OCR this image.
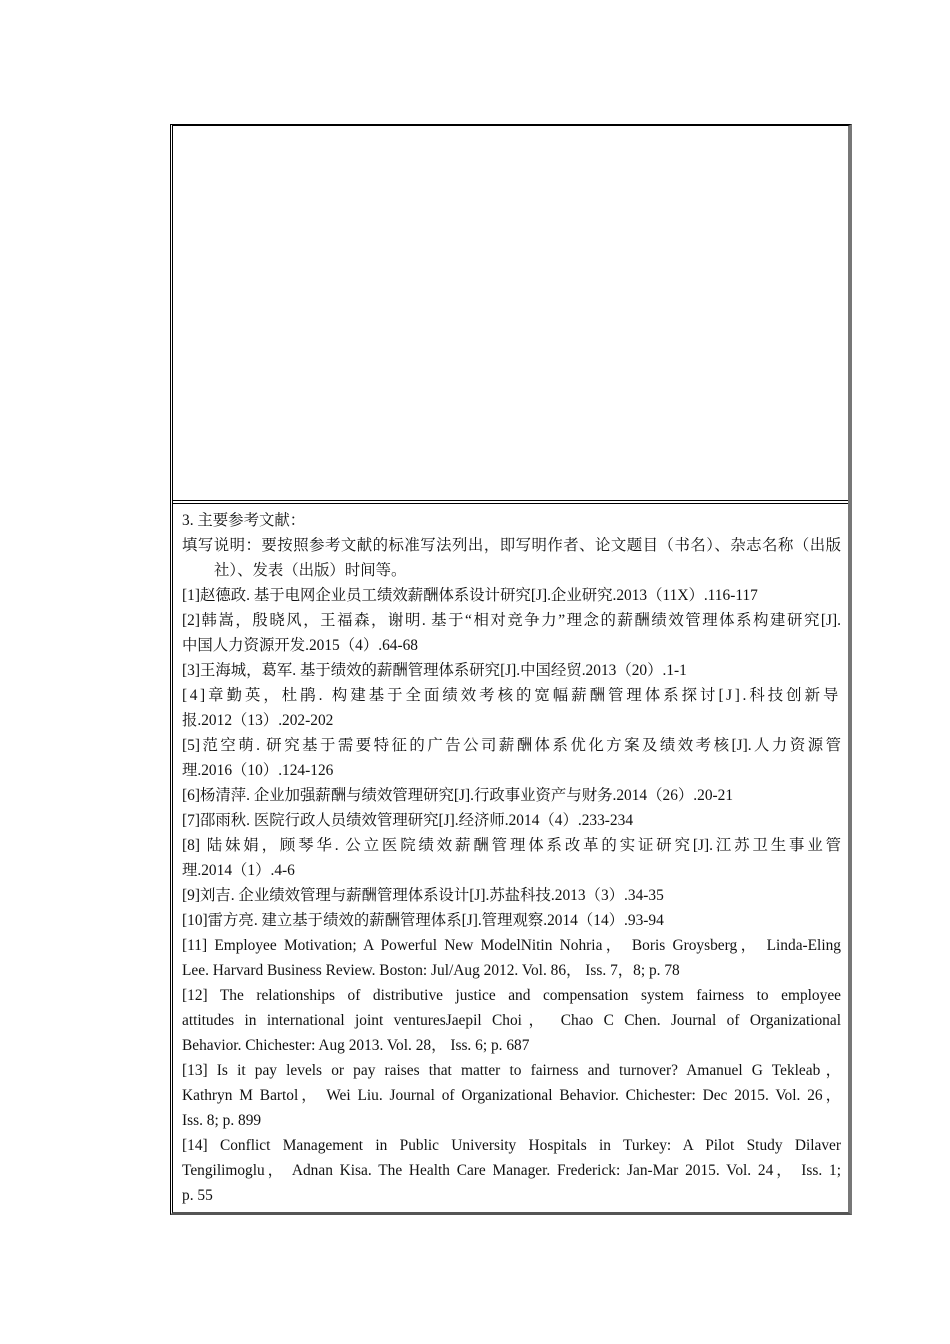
3. 主要参考文献：
填写说明：要按照参考文献的标准写法列出，即写明作者、论文题目（书名）、杂志名称（出版
社）、发表（出版）时间等。
[1]赵德政. 基于电网企业员工绩效薪酬体系设计研究[J].企业研究.2013（11X）.116-117
[2]韩嵩，殷晓风，王福森，谢明. 基于“相对竞争力”理念的薪酬绩效管理体系构建研究[J].
中国人力资源开发.2015（4）.64-68
[3]王海城，葛军. 基于绩效的薪酬管理体系研究[J].中国经贸.2013（20）.1-1
[4]章勤英，杜鹃. 构建基于全面绩效考核的宽幅薪酬管理体系探讨[J].科技创新导
报.2012（13）.202-202
[5]范空萌. 研究基于需要特征的广告公司薪酬体系优化方案及绩效考核[J].人力资源管
理.2016（10）.124-126
[6]杨清萍. 企业加强薪酬与绩效管理研究[J].行政事业资产与财务.2014（26）.20-21
[7]邵雨秋. 医院行政人员绩效管理研究[J].经济师.2014（4）.233-234
[8] 陆妹娟，顾琴华. 公立医院绩效薪酬管理体系改革的实证研究[J].江苏卫生事业管
理.2014（1）.4-6
[9]刘吉. 企业绩效管理与薪酬管理体系设计[J].苏盐科技.2013（3）.34-35
[10]雷方亮. 建立基于绩效的薪酬管理体系[J].管理观察.2014（14）.93-94
[11] Employee Motivation; A Powerful New ModelNitin Nohria， Boris Groysberg， Linda-Eling
Lee. Harvard Business Review. Boston: Jul/Aug 2012. Vol. 86， Iss. 7，8; p. 78
[12] The relationships of distributive justice and compensation system fairness to employee
attitudes in international joint venturesJaepil Choi， Chao C Chen. Journal of Organizational
Behavior. Chichester: Aug 2013. Vol. 28， Iss. 6; p. 687
[13] Is it pay levels or pay raises that matter to fairness and turnover? Amanuel G Tekleab，
Kathryn M Bartol， Wei Liu. Journal of Organizational Behavior. Chichester: Dec 2015. Vol. 26，
Iss. 8; p. 899
[14] Conflict Management in Public University Hospitals in Turkey: A Pilot Study Dilaver
Tengilimoglu， Adnan Kisa. The Health Care Manager. Frederick: Jan-Mar 2015. Vol. 24， Iss. 1;
p. 55
